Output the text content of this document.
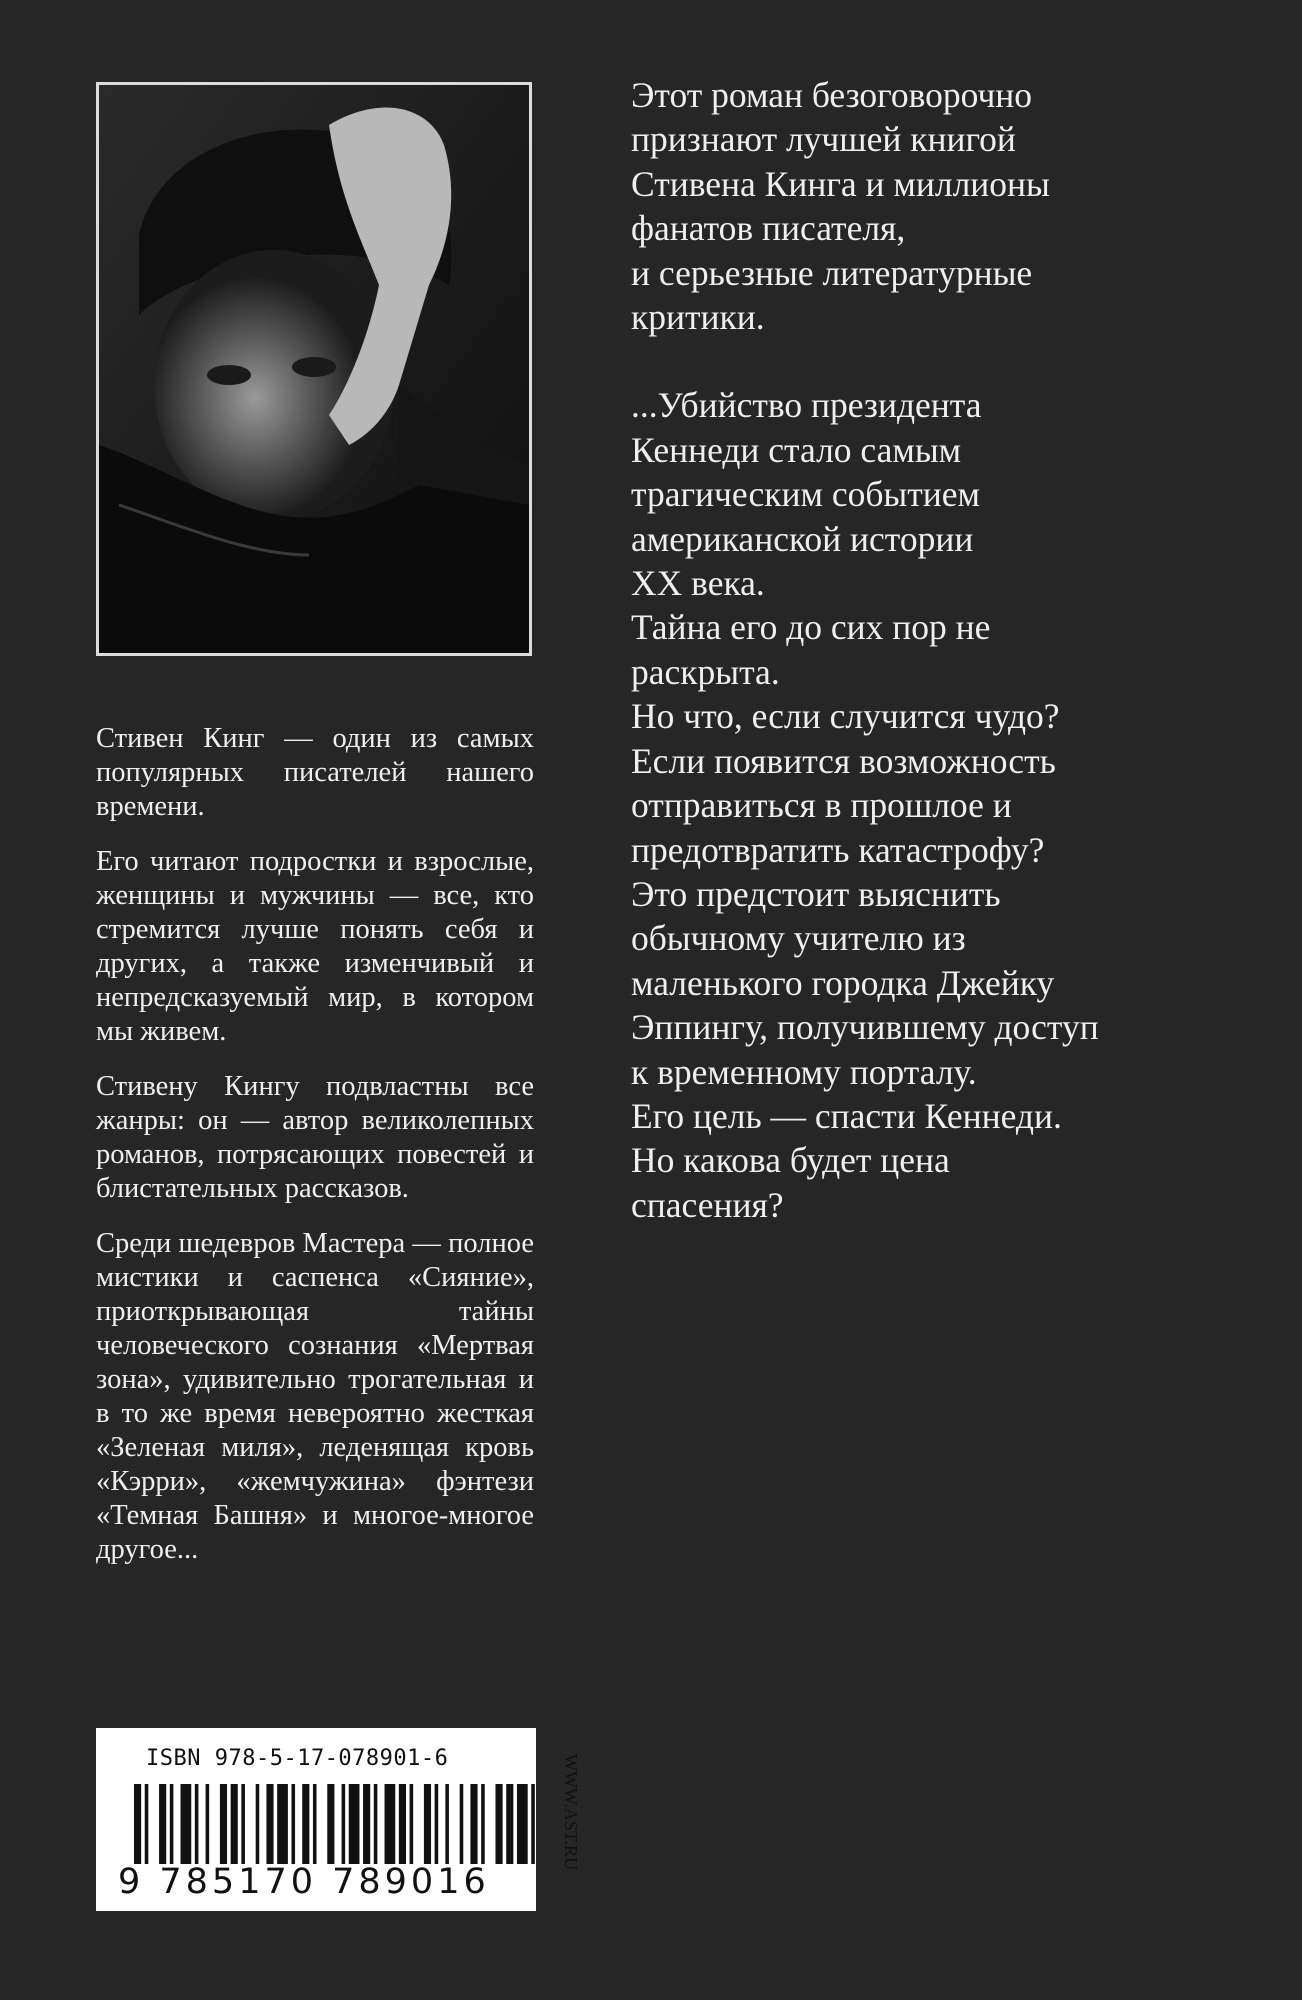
Стивен Кинг — один из самых популярных писателей нашего времени.

Его читают подростки и взрослые, женщины и мужчины — все, кто стремится лучше понять себя и других, а также изменчивый и непредсказуемый мир, в котором мы живем.

Стивену Кингу подвластны все жанры: он — автор великолепных романов, потрясающих повестей и блистательных рассказов.

Среди шедевров Мастера — полное мистики и саспенса «Сияние», приоткрывающая тайны человеческого сознания «Мертвая зона», удивительно трогательная и в то же время невероятно жесткая «Зеленая миля», леденящая кровь «Кэрри», «жемчужина» фэнтези «Темная Башня» и многое-многое другое...

Этот роман безоговорочно
признают лучшей книгой
Стивена Кинга и миллионы
фанатов писателя,
и серьезные литературные
критики.

...Убийство президента
Кеннеди стало самым
трагическим событием
американской истории
XX века.
Тайна его до сих пор не
раскрыта.
Но что, если случится чудо?
Если появится возможность
отправиться в прошлое и
предотвратить катастрофу?
Это предстоит выяснить
обычному учителю из
маленького городка Джейку
Эппингу, получившему доступ
к временному порталу.
Его цель — спасти Кеннеди.
Но какова будет цена
спасения?

ISBN 978-5-17-078901-6
9 785170 789016
WWW.AST.RU
